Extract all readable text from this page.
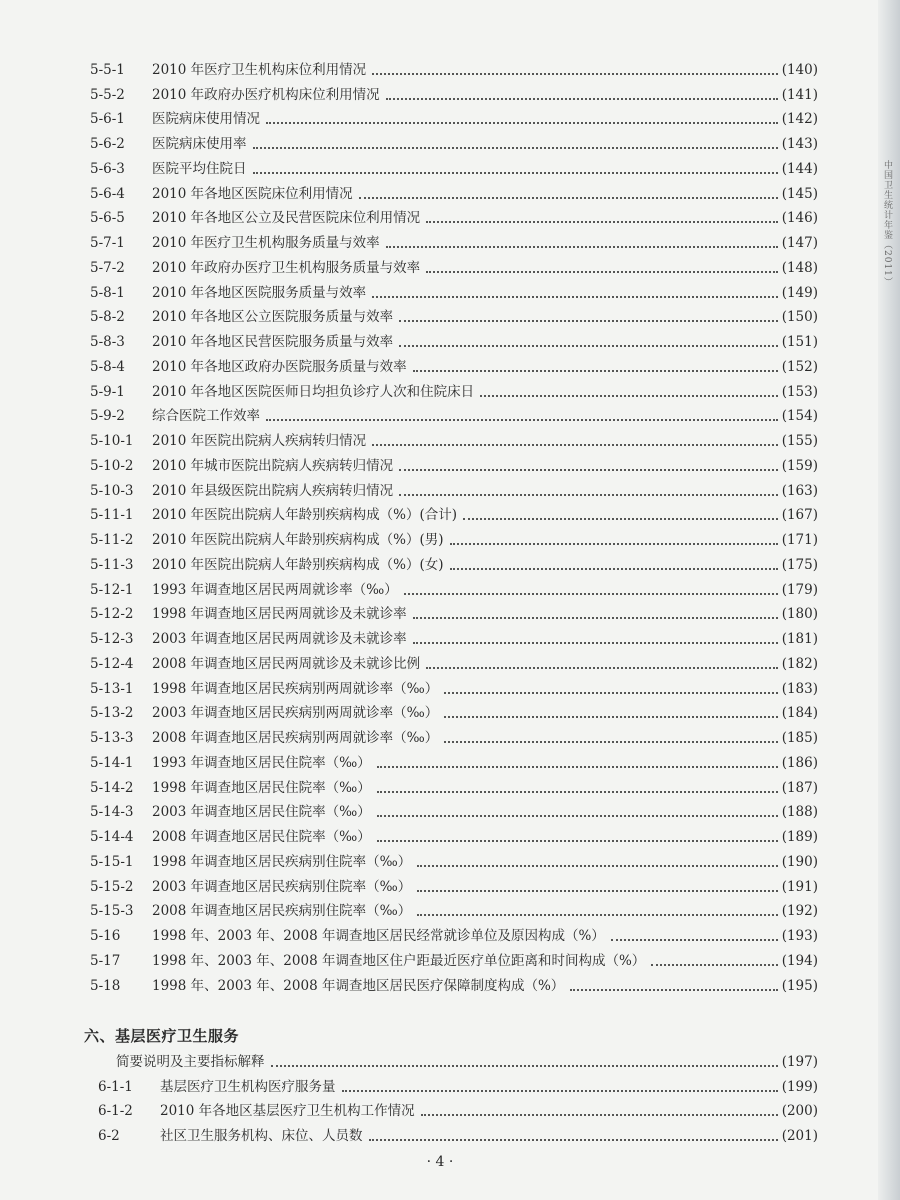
中国卫生统计年鉴（2011）
5-5-1	2010 年医疗卫生机构床位利用情况	(140)
5-5-2	2010 年政府办医疗机构床位利用情况	(141)
5-6-1	医院病床使用情况	(142)
5-6-2	医院病床使用率	(143)
5-6-3	医院平均住院日	(144)
5-6-4	2010 年各地区医院床位利用情况	(145)
5-6-5	2010 年各地区公立及民营医院床位利用情况	(146)
5-7-1	2010 年医疗卫生机构服务质量与效率	(147)
5-7-2	2010 年政府办医疗卫生机构服务质量与效率	(148)
5-8-1	2010 年各地区医院服务质量与效率	(149)
5-8-2	2010 年各地区公立医院服务质量与效率	(150)
5-8-3	2010 年各地区民营医院服务质量与效率	(151)
5-8-4	2010 年各地区政府办医院服务质量与效率	(152)
5-9-1	2010 年各地区医院医师日均担负诊疗人次和住院床日	(153)
5-9-2	综合医院工作效率	(154)
5-10-1	2010 年医院出院病人疾病转归情况	(155)
5-10-2	2010 年城市医院出院病人疾病转归情况	(159)
5-10-3	2010 年县级医院出院病人疾病转归情况	(163)
5-11-1	2010 年医院出院病人年龄别疾病构成（%）(合计)	(167)
5-11-2	2010 年医院出院病人年龄别疾病构成（%）(男)	(171)
5-11-3	2010 年医院出院病人年龄别疾病构成（%）(女)	(175)
5-12-1	1993 年调查地区居民两周就诊率（‰）	(179)
5-12-2	1998 年调查地区居民两周就诊及未就诊率	(180)
5-12-3	2003 年调查地区居民两周就诊及未就诊率	(181)
5-12-4	2008 年调查地区居民两周就诊及未就诊比例	(182)
5-13-1	1998 年调查地区居民疾病别两周就诊率（‰）	(183)
5-13-2	2003 年调查地区居民疾病别两周就诊率（‰）	(184)
5-13-3	2008 年调查地区居民疾病别两周就诊率（‰）	(185)
5-14-1	1993 年调查地区居民住院率（‰）	(186)
5-14-2	1998 年调查地区居民住院率（‰）	(187)
5-14-3	2003 年调查地区居民住院率（‰）	(188)
5-14-4	2008 年调查地区居民住院率（‰）	(189)
5-15-1	1998 年调查地区居民疾病别住院率（‰）	(190)
5-15-2	2003 年调查地区居民疾病别住院率（‰）	(191)
5-15-3	2008 年调查地区居民疾病别住院率（‰）	(192)
5-16	1998 年、2003 年、2008 年调查地区居民经常就诊单位及原因构成（%）	(193)
5-17	1998 年、2003 年、2008 年调查地区住户距最近医疗单位距离和时间构成（%）	(194)
5-18	1998 年、2003 年、2008 年调查地区居民医疗保障制度构成（%）	(195)
六、基层医疗卫生服务
简要说明及主要指标解释	(197)
6-1-1	基层医疗卫生机构医疗服务量	(199)
6-1-2	2010 年各地区基层医疗卫生机构工作情况	(200)
6-2	社区卫生服务机构、床位、人员数	(201)
· 4 ·
